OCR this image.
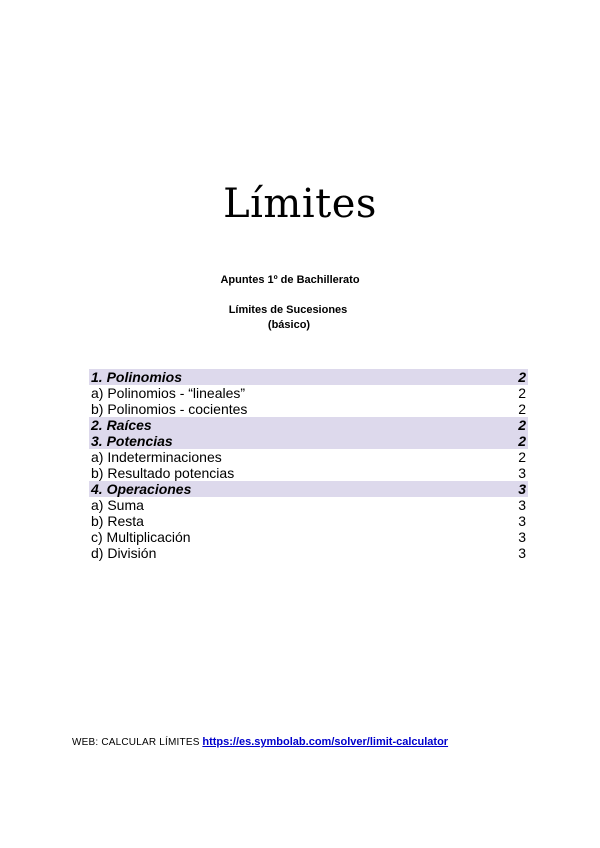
Límites
Apuntes 1º de Bachillerato
Límites de Sucesiones
(básico)
1. Polinomios	2
a) Polinomios - “lineales”	2
b) Polinomios - cocientes	2
2. Raíces	2
3. Potencias	2
a) Indeterminaciones	2
b) Resultado potencias	3
4. Operaciones	3
a) Suma	3
b) Resta	3
c) Multiplicación	3
d) División	3
WEB: CALCULAR LÍMITES https://es.symbolab.com/solver/limit-calculator
